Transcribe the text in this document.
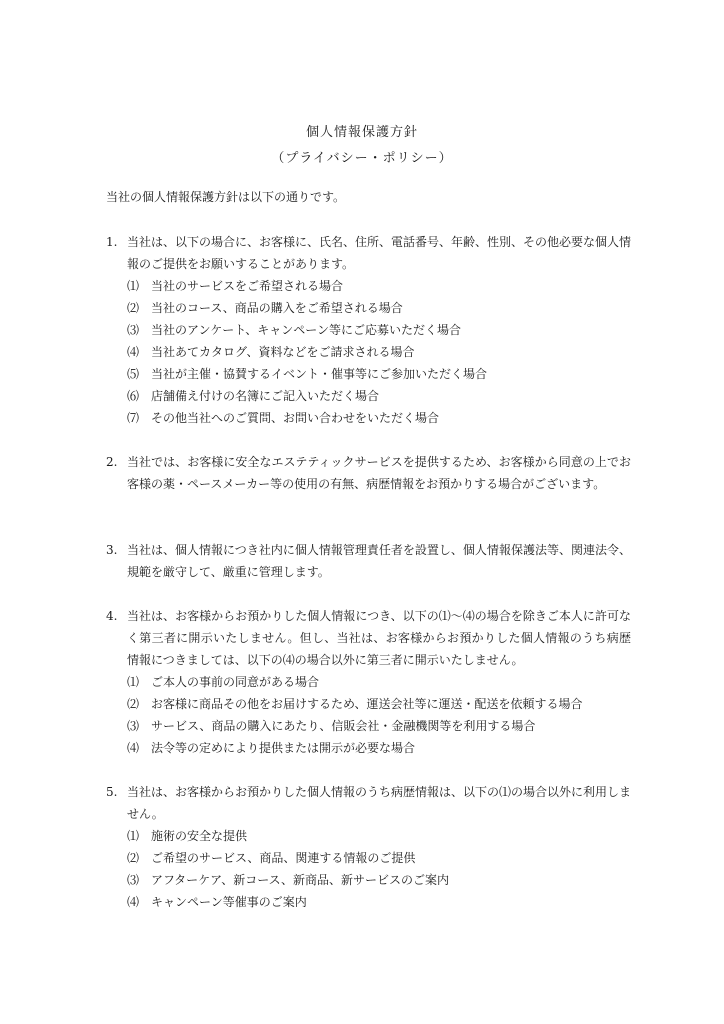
個人情報保護方針
（プライバシー・ポリシー）
当社の個人情報保護方針は以下の通りです。
1. 当社は、以下の場合に、お客様に、氏名、住所、電話番号、年齢、性別、その他必要な個人情報のご提供をお願いすることがあります。
⑴ 当社のサービスをご希望される場合
⑵ 当社のコース、商品の購入をご希望される場合
⑶ 当社のアンケート、キャンペーン等にご応募いただく場合
⑷ 当社あてカタログ、資料などをご請求される場合
⑸ 当社が主催・協賛するイベント・催事等にご参加いただく場合
⑹ 店舗備え付けの名簿にご記入いただく場合
⑺ その他当社へのご質問、お問い合わせをいただく場合
2. 当社では、お客様に安全なエステティックサービスを提供するため、お客様から同意の上でお客様の薬・ペースメーカー等の使用の有無、病歴情報をお預かりする場合がございます。
3. 当社は、個人情報につき社内に個人情報管理責任者を設置し、個人情報保護法等、関連法令、規範を厳守して、厳重に管理します。
4. 当社は、お客様からお預かりした個人情報につき、以下の⑴〜⑷の場合を除きご本人に許可なく第三者に開示いたしません。但し、当社は、お客様からお預かりした個人情報のうち病歴情報につきましては、以下の⑷の場合以外に第三者に開示いたしません。
⑴ ご本人の事前の同意がある場合
⑵ お客様に商品その他をお届けするため、運送会社等に運送・配送を依頼する場合
⑶ サービス、商品の購入にあたり、信販会社・金融機関等を利用する場合
⑷ 法令等の定めにより提供または開示が必要な場合
5. 当社は、お客様からお預かりした個人情報のうち病歴情報は、以下の⑴の場合以外に利用しません。
⑴ 施術の安全な提供
⑵ ご希望のサービス、商品、関連する情報のご提供
⑶ アフターケア、新コース、新商品、新サービスのご案内
⑷ キャンペーン等催事のご案内
